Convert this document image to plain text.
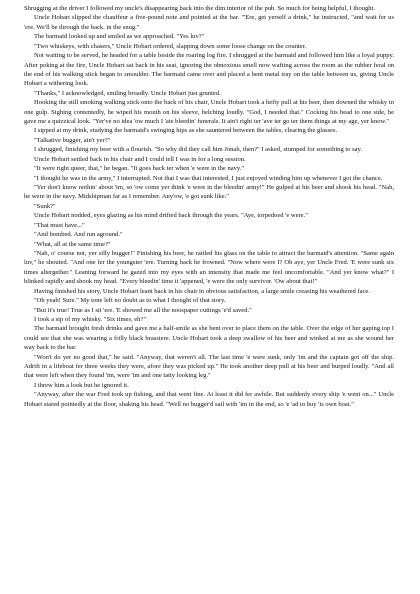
Shrugging at the driver I followed my uncle's disappearing back into the dim interior of the pub. So much for being helpful, I thought.

Uncle Hobart slipped the chauffeur a five-pound note and pointed at the bar. "'Ere, get yerself a drink," he instructed, "and wait fer us 'ere. We'll be through the back. in the snug."

The barmaid looked up and smiled as we approached. "Yes luv?"

"Two whiskeys, with chasers," Uncle Hobart ordered, slapping down some loose change on the counter.

Not waiting to be served, he headed for a table beside the roaring log fire. I shrugged at the barmaid and followed him like a loyal puppy. After poking at the fire, Uncle Hobart sat back in his seat, ignoring the obnoxious smell now wafting across the room as the rubber feral on the end of his walking stick began to smoulder. The barmaid came over and placed a bent metal tray on the table between us, giving Uncle Hobart a withering look.

"Thanks," I acknowledged, smiling broadly. Uncle Hobart just grunted.

Hooking the still smoking walking stick onto the back of his chair, Uncle Hobart took a hefty pull at his beer, then downed the whisky in one gulp. Sighing contentedly, he wiped his mouth on his sleeve, belching loudly. "God, I needed that." Cocking his head to one side, he gave me a quizzical look. "Yer've no idea 'ow much I 'ate bleedin' funerals. It ain't right ter 'ave ter go ter them things at my age, yer know."

I sipped at my drink, studying the barmaid's swinging hips as she sauntered between the tables, clearing the glasses.

"Talkative bugger, ain't yer?"

I shrugged, finishing my beer with a flourish. "So why did they call him Jonah, then?" I asked, stumped for something to say.

Uncle Hobart settled back in his chair and I could tell I was in for a long session.

"It were right queer, that," he began. "It goes back ter when 'e were in the navy."

"I thought he was in the army," I interrupted. Not that I was that interested, I just enjoyed winding him up whenever I got the chance.

"Yer don't know nothin' about 'im, so 'ow come yer think 'e were in the bleedin' army!" He gulped at his beer and shook his head. "Nah, he were in the navy. Midshipman far as I remember. Any'ow, 'e got sunk like."

"Sunk?"

Uncle Hobart nodded, eyes glazing as his mind drifted back through the years. "Aye, torpedoed 'e were."

"That must have..."

"And bombed. And run aground."

"What, all at the same time?"

"Nah, o' course not, yer silly bugger!" Finishing his beer, he rattled his glass on the table to attract the barmaid's attention. "Same again luv," he shouted. "And one fer the youngster 'ere. Turning back he frowned. "Now where were I? Oh aye, yer Uncle Fred. 'E were sunk six times altergether." Leaning forward he gazed into my eyes with an intensity that made me feel uncomfortable. "And yer know what?" I blinked rapidly and shook my head. "Every bleedin' time it 'appened, 'e were the only survivor. 'Ow about that!"

Having finished his story, Uncle Hobart leant back in his chair in obvious satisfaction, a large smile creasing his weathered face.

"Oh yeah! Sure." My tone left no doubt as to what I thought of that story.

"But it's true! True as I sit 'ere. 'E showed me all the noospaper cuttings 'e'd saved."

I took a sip of my whisky. "Six times, eh?"

The barmaid brought fresh drinks and gave me a half-smile as she bent over to place them on the table. Over the edge of her gaping top I could see that she was wearing a frilly black brassiere. Uncle Hobart took a deep swallow of his beer and winked at me as she wound her way back to the bar.

"Won't do yer no good that," he said. "Anyway, that weren't all. The last time 'e were sunk, only 'im and the captain got off the ship. Adrift in a lifeboat fer three weeks they were, afore they was picked up." He took another deep pull at his beer and burped loudly. "And all that were left when they found 'im, were 'im and one tatty looking leg."

I threw him a look but he ignored it.

"Anyway, after the war Fred took up fishing, and that went fine. At least it did fer awhile. But suddenly every ship 'e went on..." Uncle Hobart stared pointedly at the floor, shaking his head. "Well no bugger'd sail with 'im in the end, so 'e 'ad to buy 'is own boat."
